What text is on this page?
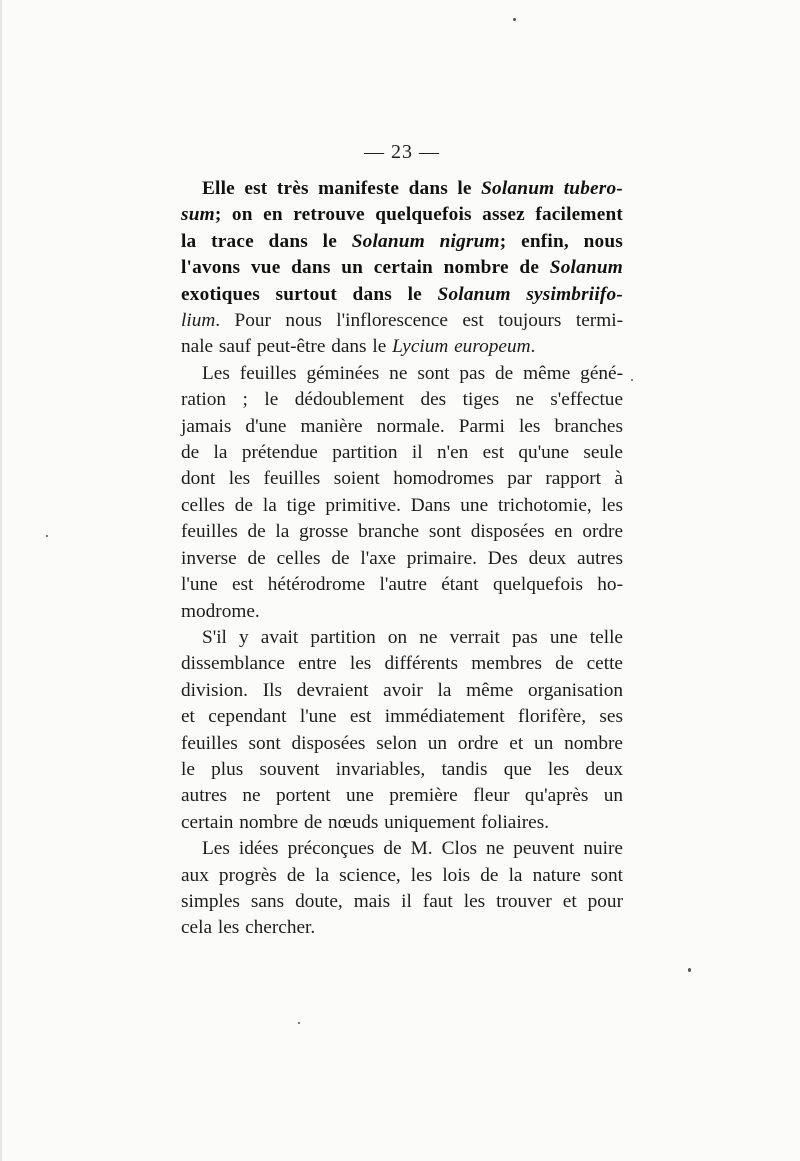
— 23 —
Elle est très manifeste dans le Solanum tubero-
sum; on en retrouve quelquefois assez facilement
la trace dans le Solanum nigrum; enfin, nous
l'avons vue dans un certain nombre de Solanum
exotiques surtout dans le Solanum sysimbriifo-
lium. Pour nous l'inflorescence est toujours termi-
nale sauf peut-être dans le Lycium europeum.
Les feuilles géminées ne sont pas de même géné-
ration ; le dédoublement des tiges ne s'effectue
jamais d'une manière normale. Parmi les branches
de la prétendue partition il n'en est qu'une seule
dont les feuilles soient homodromes par rapport à
celles de la tige primitive. Dans une trichotomie, les
feuilles de la grosse branche sont disposées en ordre
inverse de celles de l'axe primaire. Des deux autres
l'une est hétérodrome l'autre étant quelquefois ho-
modrome.
S'il y avait partition on ne verrait pas une telle
dissemblance entre les différents membres de cette
division. Ils devraient avoir la même organisation
et cependant l'une est immédiatement florifère, ses
feuilles sont disposées selon un ordre et un nombre
le plus souvent invariables, tandis que les deux
autres ne portent une première fleur qu'après un
certain nombre de nœuds uniquement foliaires.
Les idées préconçues de M. Clos ne peuvent nuire
aux progrès de la science, les lois de la nature sont
simples sans doute, mais il faut les trouver et pour
cela les chercher.
